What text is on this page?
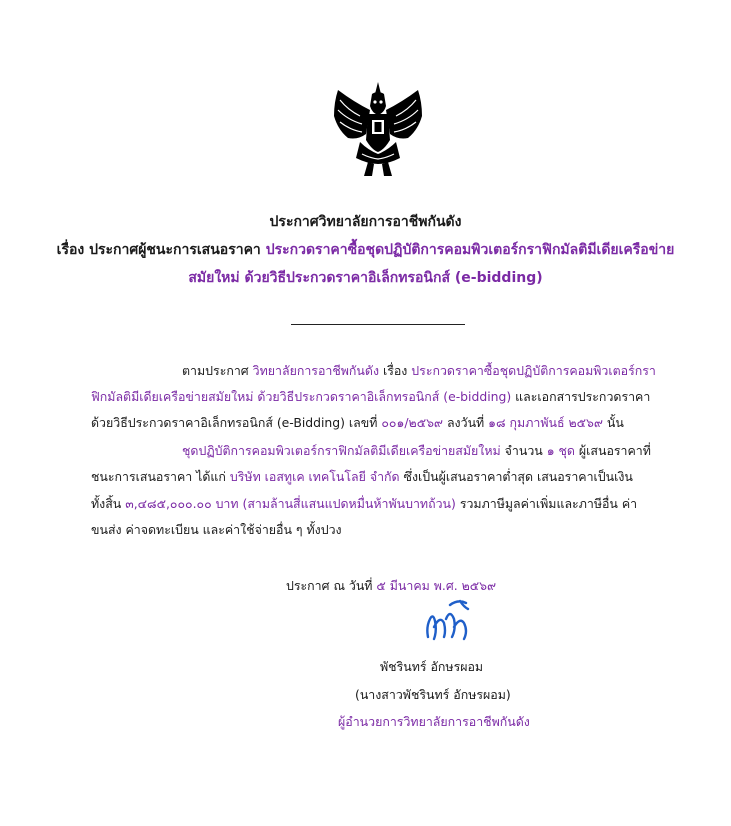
ประกาศวิทยาลัยการอาชีพกันดัง
เรื่อง ประกาศผู้ชนะการเสนอราคา ประกวดราคาซื้อชุดปฏิบัติการคอมพิวเตอร์กราฟิกมัลติมีเดียเครือข่าย
สมัยใหม่ ด้วยวิธีประกวดราคาอิเล็กทรอนิกส์ (e-bidding)
ตามประกาศ วิทยาลัยการอาชีพกันดัง เรื่อง ประกวดราคาซื้อชุดปฏิบัติการคอมพิวเตอร์กรา
ฟิกมัลติมีเดียเครือข่ายสมัยใหม่ ด้วยวิธีประกวดราคาอิเล็กทรอนิกส์ (e-bidding) และเอกสารประกวดราคา
ด้วยวิธีประกวดราคาอิเล็กทรอนิกส์ (e-Bidding) เลขที่ ๐๐๑/๒๕๖๙ ลงวันที่ ๑๘ กุมภาพันธ์ ๒๕๖๙ นั้น
ชุดปฏิบัติการคอมพิวเตอร์กราฟิกมัลติมีเดียเครือข่ายสมัยใหม่ จำนวน ๑ ชุด ผู้เสนอราคาที่
ชนะการเสนอราคา ได้แก่ บริษัท เอสทูเค เทคโนโลยี จำกัด ซึ่งเป็นผู้เสนอราคาต่ำสุด เสนอราคาเป็นเงิน
ทั้งสิ้น ๓,๔๘๕,๐๐๐.๐๐ บาท (สามล้านสี่แสนแปดหมื่นห้าพันบาทถ้วน) รวมภาษีมูลค่าเพิ่มและภาษีอื่น ค่า
ขนส่ง ค่าจดทะเบียน และค่าใช้จ่ายอื่น ๆ ทั้งปวง
ประกาศ ณ วันที่ ๕ มีนาคม พ.ศ. ๒๕๖๙
พัชรินทร์ อักษรผอม
(นางสาวพัชรินทร์ อักษรผอม)
ผู้อำนวยการวิทยาลัยการอาชีพกันดัง
